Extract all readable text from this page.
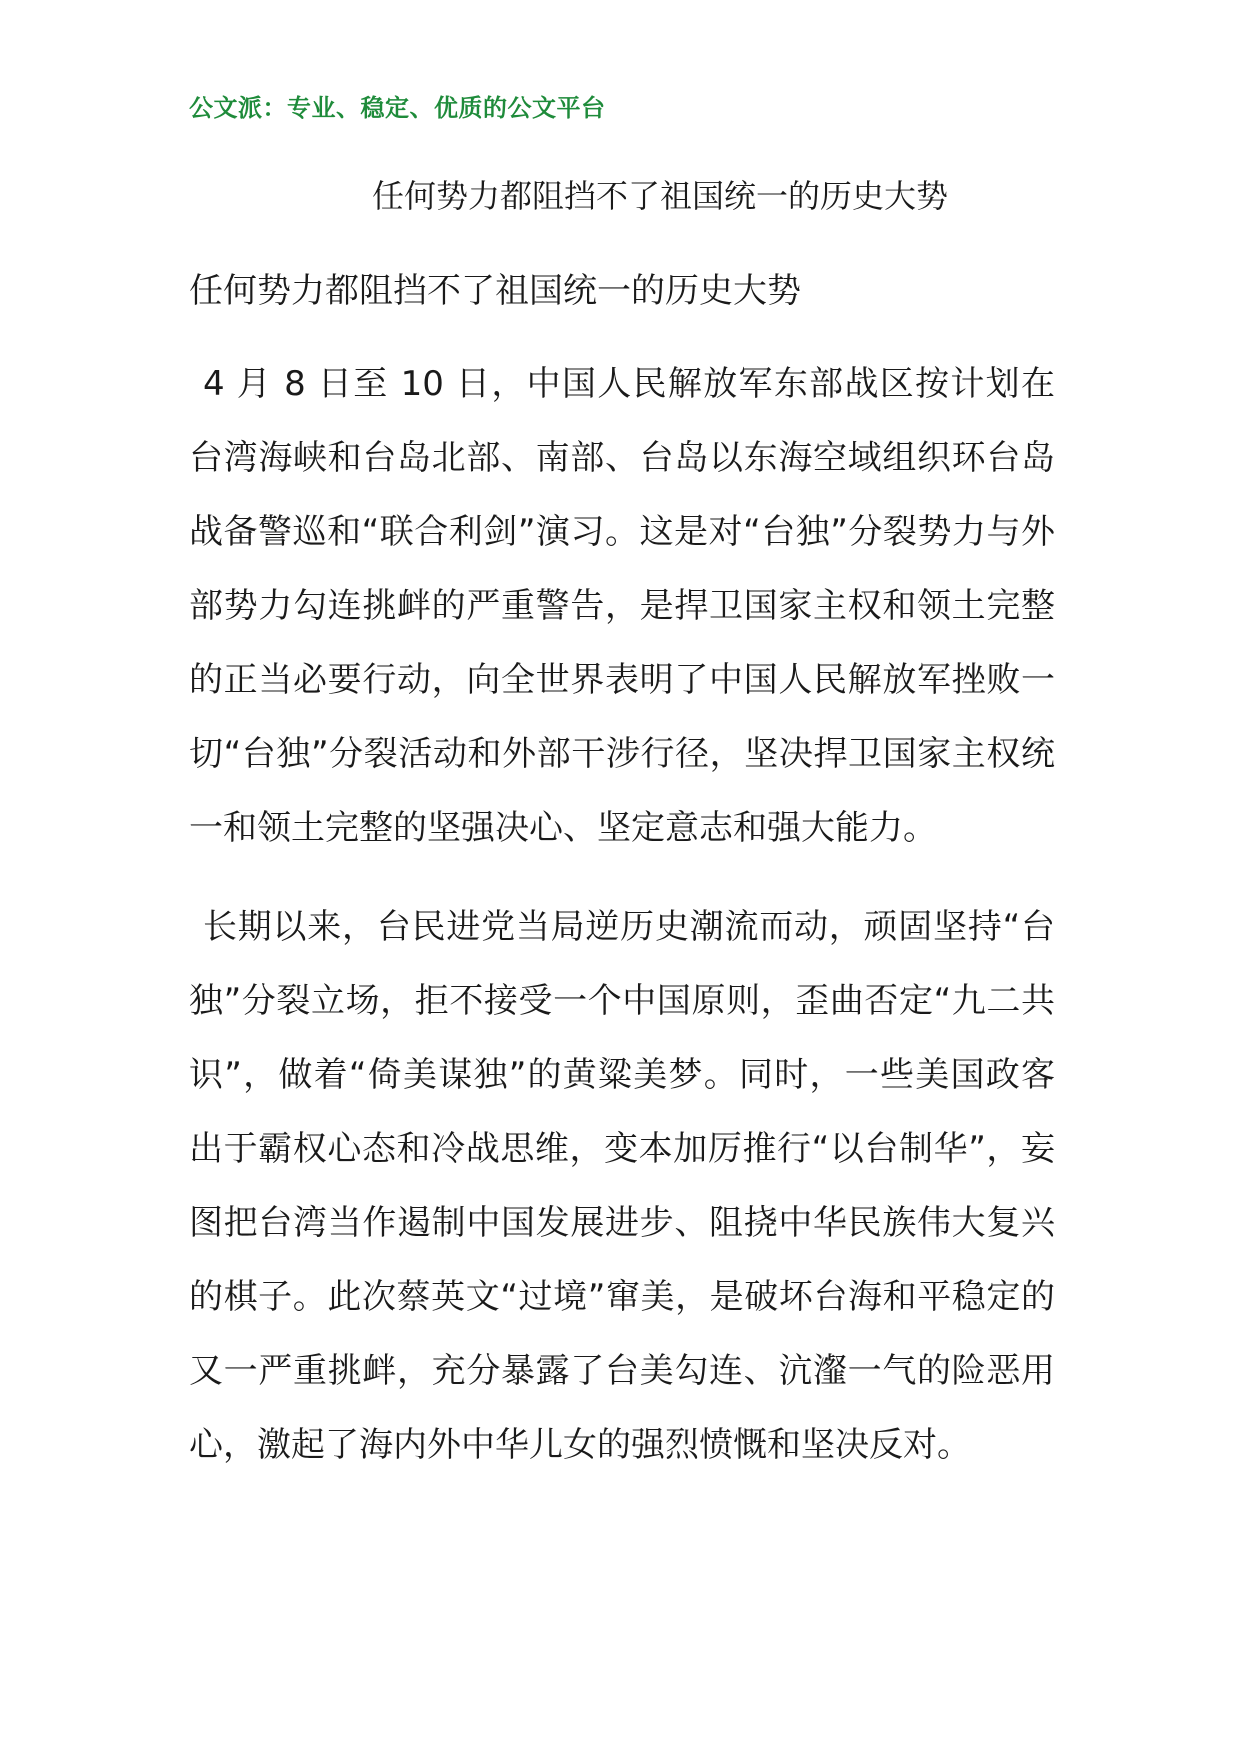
公文派：专业、稳定、优质的公文平台
任何势力都阻挡不了祖国统一的历史大势
任何势力都阻挡不了祖国统一的历史大势

4 月 8 日至 10 日，中国人民解放军东部战区按计划在台湾海峡和台岛北部、南部、台岛以东海空域组织环台岛战备警巡和“联合利剑”演习。这是对“台独”分裂势力与外部势力勾连挑衅的严重警告，是捍卫国家主权和领土完整的正当必要行动，向全世界表明了中国人民解放军挫败一切“台独”分裂活动和外部干涉行径，坚决捍卫国家主权统一和领土完整的坚强决心、坚定意志和强大能力。

长期以来，台民进党当局逆历史潮流而动，顽固坚持“台独”分裂立场，拒不接受一个中国原则，歪曲否定“九二共识”，做着“倚美谋独”的黄粱美梦。同时，一些美国政客出于霸权心态和冷战思维，变本加厉推行“以台制华”，妄图把台湾当作遏制中国发展进步、阻挠中华民族伟大复兴的棋子。此次蔡英文“过境”窜美，是破坏台海和平稳定的又一严重挑衅，充分暴露了台美勾连、沆瀣一气的险恶用心，激起了海内外中华儿女的强烈愤慨和坚决反对。
